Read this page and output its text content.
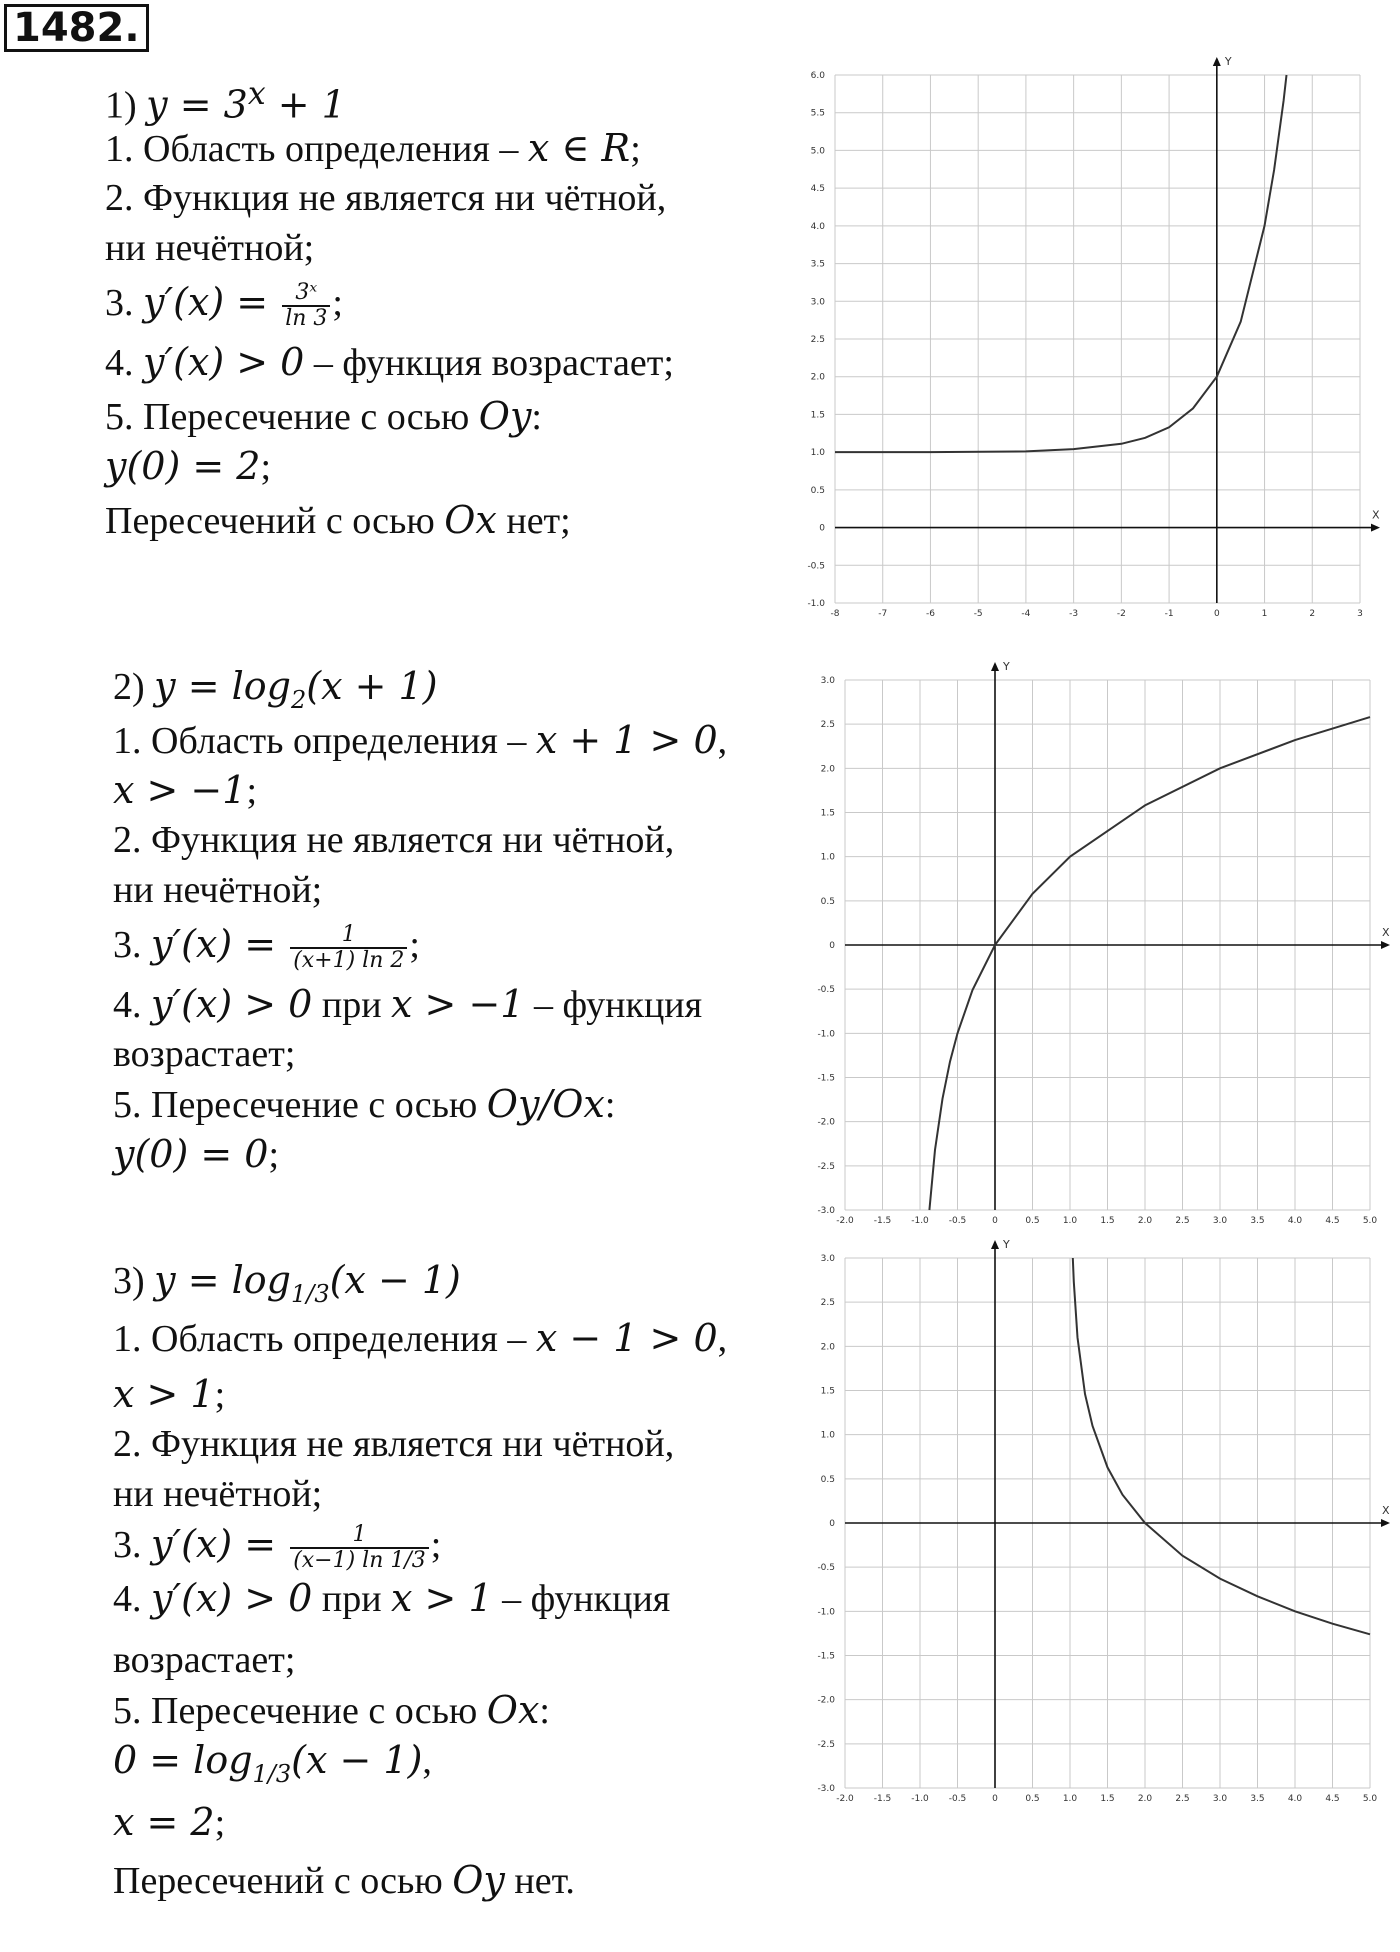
1482.
1) $y = 3^x + 1$
1. Область определения – x ∈ R;
2. Функция не является ни чётной,
ни нечётной;
3. $y'(x) = \frac{\text{3ˣ}}{\ln 3}$ ;
4. y′(x) > 0 – функция возрастает;
5. Пересечение с осью Oy:
y(0) = 2;
Пересечений с осью Ox нет;
2) $y = \log_2(x + 1)$
1. Область определения – x + 1 > 0,
x > −1;
2. Функция не является ни чётной,
ни нечётной;
3. $y'(x) = \frac{1}{(x+1) \ln 2}$ ;
4. y′(x) > 0 при x > −1 – функция
возрастает;
5. Пересечение с осью Oy/Ox:
y(0) = 0;
3) $y = \log_{1/3}(x - 1)$
1. Область определения – x − 1 > 0,
x > 1;
2. Функция не является ни чётной,
ни нечётной;
3. $y'(x) = \frac{1}{(x-1) \ln 1/3}$ ;
4. y′(x) > 0 при x > 1 – функция
возрастает;
5. Пересечение с осью Ox:
$0 = \log_{1/3}(x - 1)$,
x = 2;
Пересечений с осью Oy нет.
-8	-7	-6	-5	-4	-3	-2	-1	0	1	2	3
-1.0
-0.5
0
0.5
1.0
1.5
2.0
2.5
3.0
3.5
4.0
4.5
5.0
5.5
6.0
X
Y
-2.0 -1.5 -1.0 -0.5	0	0.5	1.0	1.5	2.0	2.5	3.0	3.5	4.0	4.5	5.0
-3.0
-2.5
-2.0
-1.5
-1.0
-0.5
0
0.5
1.0
1.5
2.0
2.5
3.0
X
Y
-2.0 -1.5 -1.0 -0.5	0	0.5	1.0	1.5	2.0	2.5	3.0	3.5	4.0	4.5	5.0
-3.0
-2.5
-2.0
-1.5
-1.0
-0.5
0
0.5
1.0
1.5
2.0
2.5
3.0
X
Y
